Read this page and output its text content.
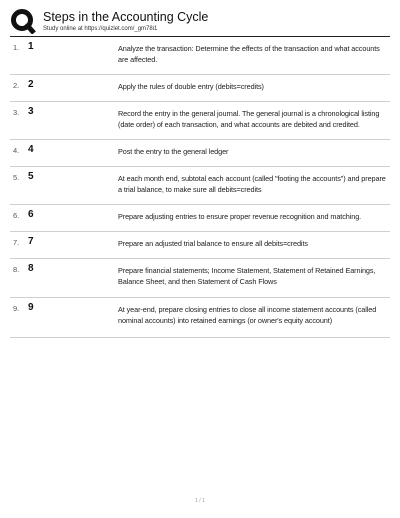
Steps in the Accounting Cycle
Study online at https://quizlet.com/_gm78i1
1. 1	Analyze the transaction: Determine the effects of the transaction and what accounts are affected.
2. 2	Apply the rules of double entry (debits=credits)
3. 3	Record the entry in the general journal. The general journal is a chronological listing (date order) of each transaction, and what accounts are debited and credited.
4. 4	Post the entry to the general ledger
5. 5	At each month end, subtotal each account (called "footing the accounts") and prepare a trial balance, to make sure all debits=credits
6. 6	Prepare adjusting entries to ensure proper revenue recognition and matching.
7. 7	Prepare an adjusted trial balance to ensure all debits=credits
8. 8	Prepare financial statements; Income Statement, Statement of Retained Earnings, Balance Sheet, and then Statement of Cash Flows
9. 9	At year-end, prepare closing entries to close all income statement accounts (called nominal accounts) into retained earnings (or owner's equity account)
1 / 1
